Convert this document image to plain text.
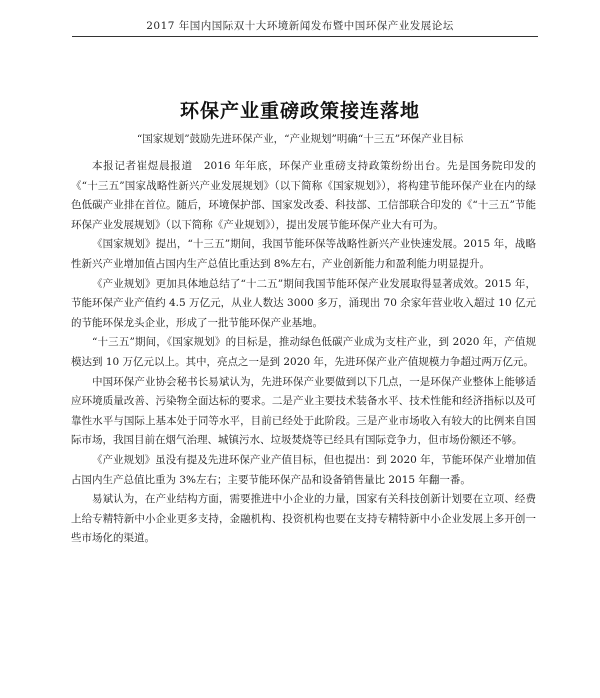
2017 年国内国际双十大环境新闻发布暨中国环保产业发展论坛
环保产业重磅政策接连落地
“国家规划”鼓励先进环保产业，“产业规划”明确“十三五”环保产业目标

本报记者崔煜晨报道　2016 年年底，环保产业重磅支持政策纷纷出台。先是国务院印发的《“十三五”国家战略性新兴产业发展规划》（以下简称《国家规划》），将构建节能环保产业在内的绿色低碳产业排在首位。随后，环境保护部、国家发改委、科技部、工信部联合印发的《“十三五”节能环保产业发展规划》（以下简称《产业规划》），提出发展节能环保产业大有可为。

《国家规划》提出，“十三五”期间，我国节能环保等战略性新兴产业快速发展。2015 年，战略性新兴产业增加值占国内生产总值比重达到 8%左右，产业创新能力和盈利能力明显提升。

《产业规划》更加具体地总结了“十二五”期间我国节能环保产业发展取得显著成效。2015 年，节能环保产业产值约 4.5 万亿元，从业人数达 3000 多万，涌现出 70 余家年营业收入超过 10 亿元的节能环保龙头企业，形成了一批节能环保产业基地。

“十三五”期间，《国家规划》的目标是，推动绿色低碳产业成为支柱产业，到 2020 年，产值规模达到 10 万亿元以上。其中，亮点之一是到 2020 年，先进环保产业产值规模力争超过两万亿元。

中国环保产业协会秘书长易斌认为，先进环保产业要做到以下几点，一是环保产业整体上能够适应环境质量改善、污染物全面达标的要求。二是产业主要技术装备水平、技术性能和经济指标以及可靠性水平与国际上基本处于同等水平，目前已经处于此阶段。三是产业市场收入有较大的比例来自国际市场，我国目前在烟气治理、城镇污水、垃圾焚烧等已经具有国际竞争力，但市场份额还不够。

《产业规划》虽没有提及先进环保产业产值目标，但也提出：到 2020 年，节能环保产业增加值占国内生产总值比重为 3%左右；主要节能环保产品和设备销售量比 2015 年翻一番。

易斌认为，在产业结构方面，需要推进中小企业的力量，国家有关科技创新计划要在立项、经费上给专精特新中小企业更多支持，金融机构、投资机构也要在支持专精特新中小企业发展上多开创一些市场化的渠道。
